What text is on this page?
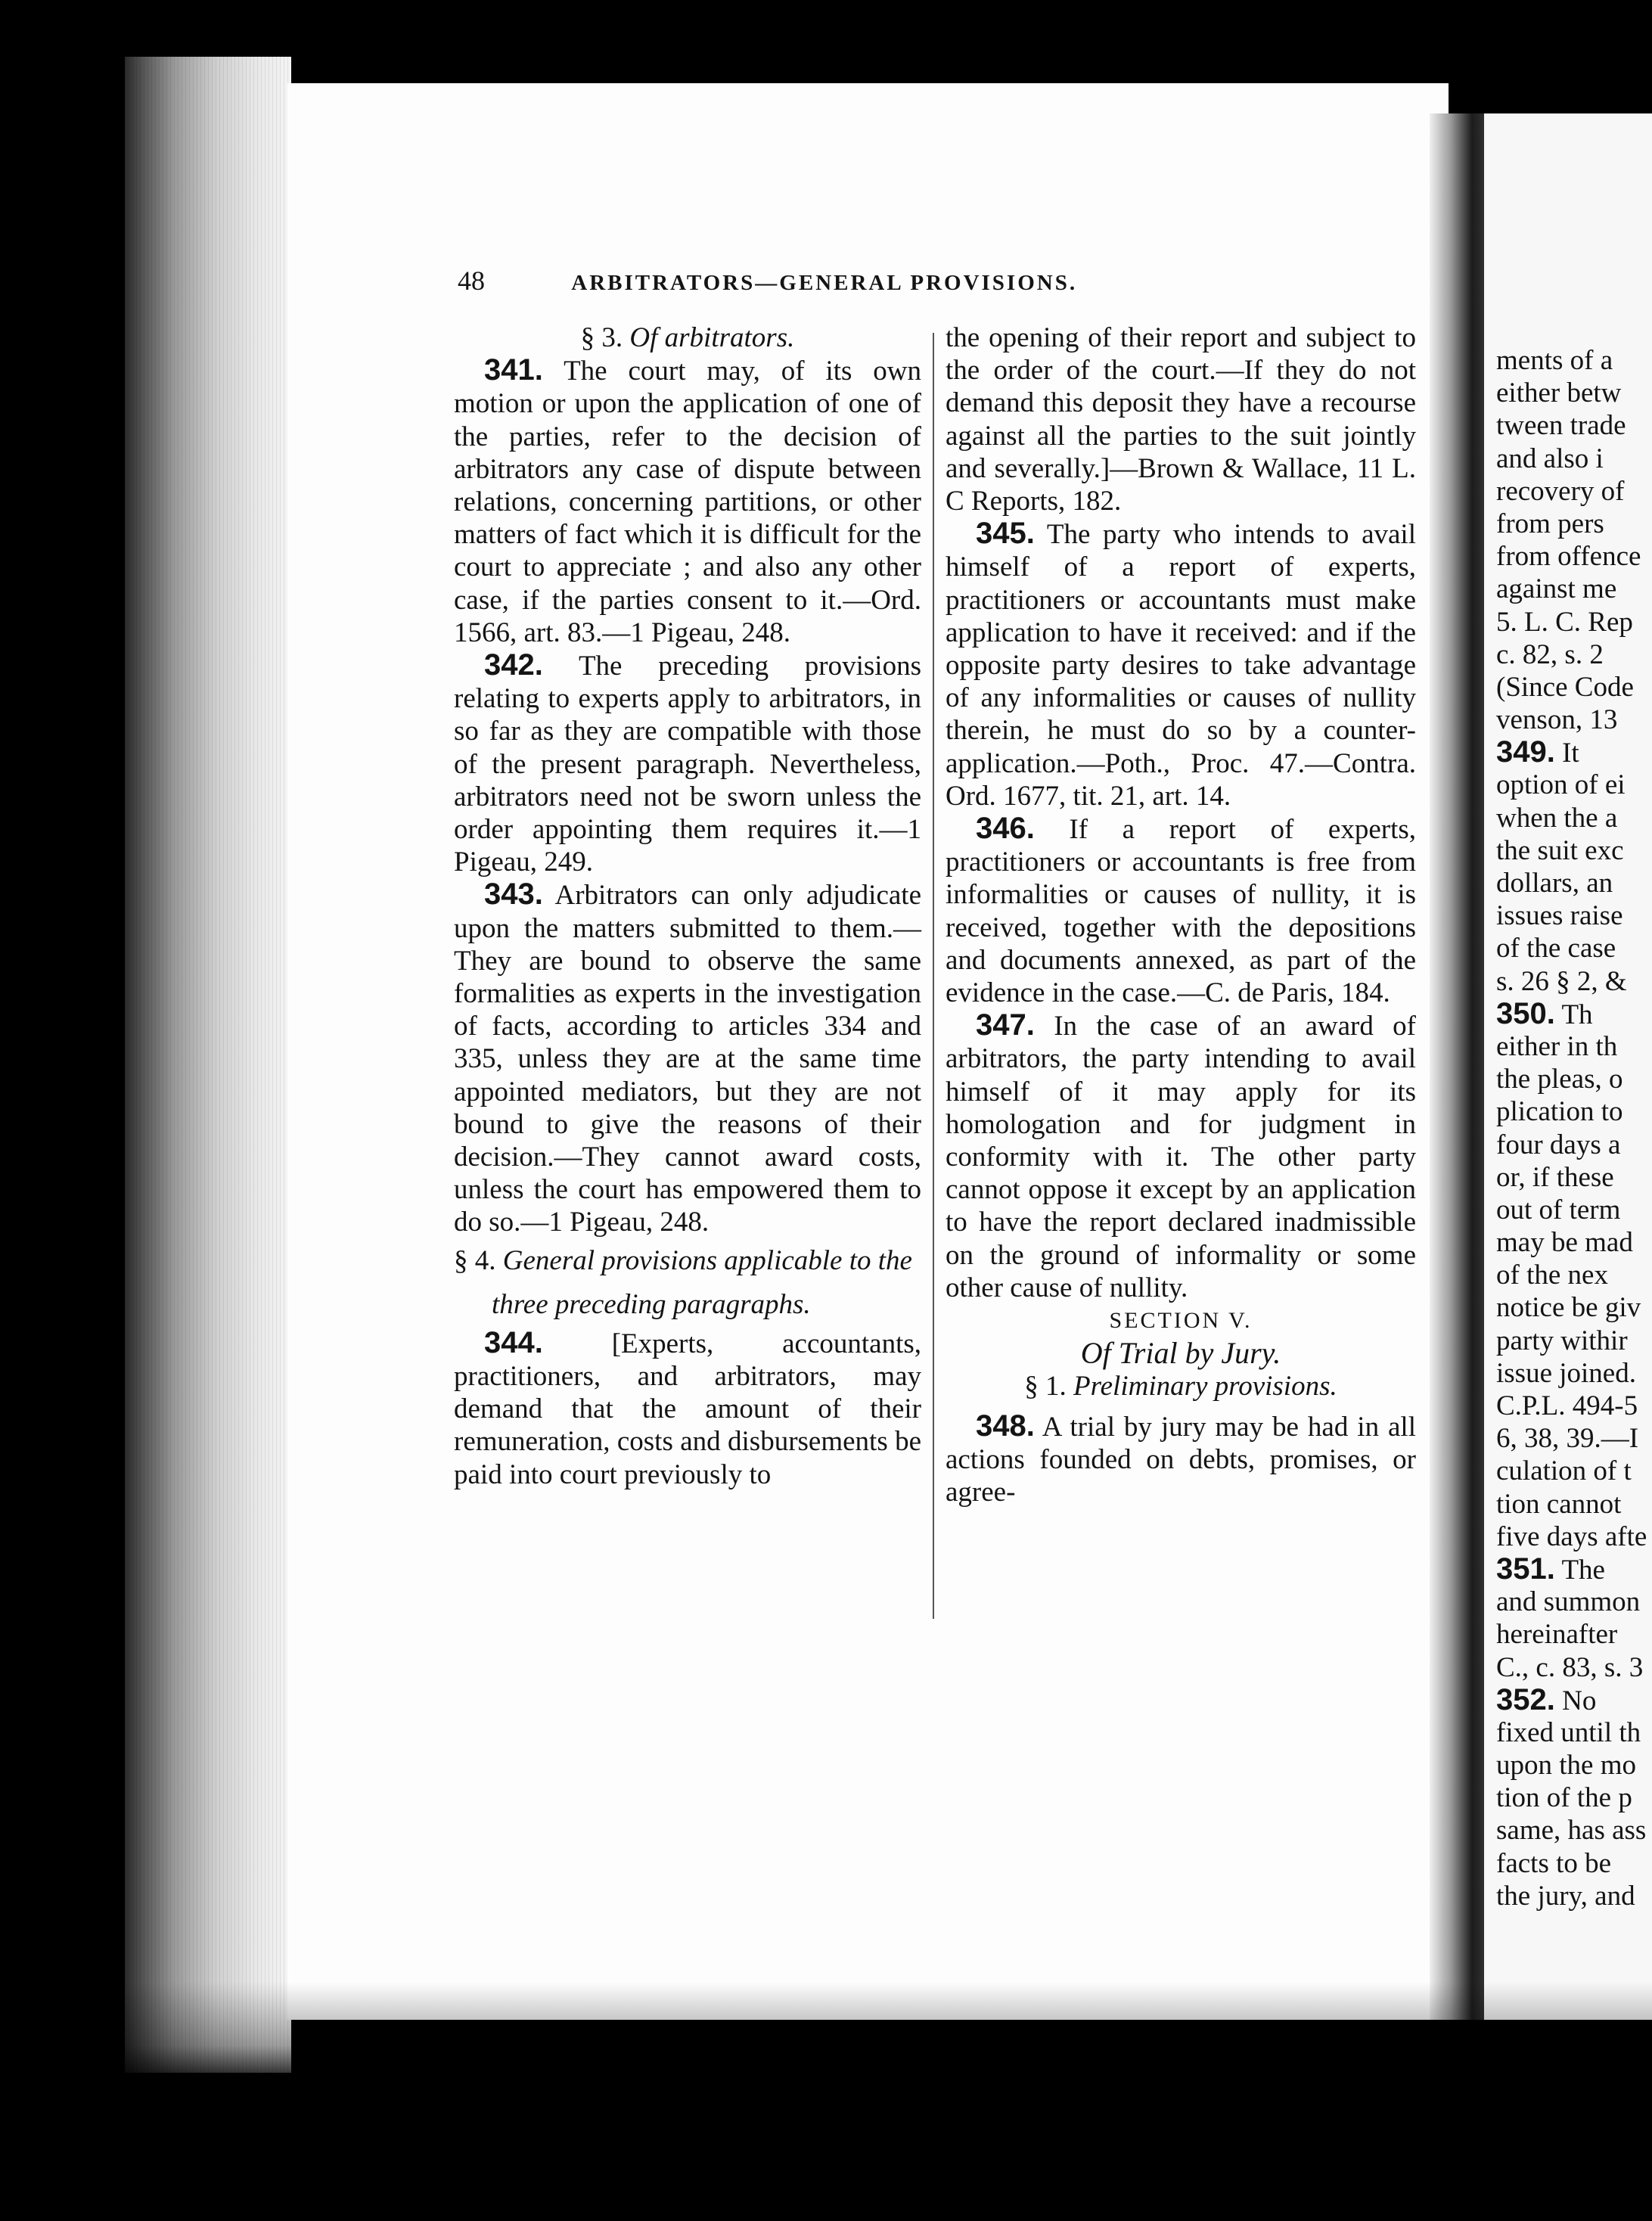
48	ARBITRATORS—GENERAL PROVISIONS.

§ 3. Of arbitrators.

341. The court may, of its own motion or upon the application of one of the parties, refer to the decision of arbitrators any case of dispute between relations, concerning partitions, or other matters of fact which it is difficult for the court to appreciate ; and also any other case, if the parties consent to it.—Ord. 1566, art. 83.—1 Pigeau, 248.

342. The preceding provisions relating to experts apply to arbitrators, in so far as they are compatible with those of the present paragraph. Nevertheless, arbitrators need not be sworn unless the order appointing them requires it.—1 Pigeau, 249.

343. Arbitrators can only adjudicate upon the matters submitted to them.—They are bound to observe the same formalities as experts in the investigation of facts, according to articles 334 and 335, unless they are at the same time appointed mediators, but they are not bound to give the reasons of their decision.—They cannot award costs, unless the court has empowered them to do so.—1 Pigeau, 248.

§ 4. General provisions applicable to the three preceding paragraphs.

344. [Experts, accountants, practitioners, and arbitrators, may demand that the amount of their remuneration, costs and disbursements be paid into court previously to

the opening of their report and subject to the order of the court.—If they do not demand this deposit they have a recourse against all the parties to the suit jointly and severally.]—Brown & Wallace, 11 L. C Reports, 182.

345. The party who intends to avail himself of a report of experts, practitioners or accountants must make application to have it received: and if the opposite party desires to take advantage of any informalities or causes of nullity therein, he must do so by a counter-application.—Poth., Proc. 47.—Contra. Ord. 1677, tit. 21, art. 14.

346. If a report of experts, practitioners or accountants is free from informalities or causes of nullity, it is received, together with the depositions and documents annexed, as part of the evidence in the case.—C. de Paris, 184.

347. In the case of an award of arbitrators, the party intending to avail himself of it may apply for its homologation and for judgment in conformity with it. The other party cannot oppose it except by an application to have the report declared inadmissible on the ground of informality or some other cause of nullity.

SECTION V.

Of Trial by Jury.

§ 1. Preliminary provisions.

348. A trial by jury may be had in all actions founded on debts, promises, or agree-

ments of a
either betw
tween trade
and also i
recovery of
from pers
from offence
against me
5. L. C. Rep
c. 82, s. 2
(Since Code
venson, 13
349. It
option of ei
when the a
the suit exc
dollars, an
issues raise
of the case
s. 26 § 2, &
350. Th
either in th
the pleas, o
plication to
four days a
or, if these
out of term
may be mad
of the nex
notice be giv
party withir
issue joined.
C.P.L. 494-5
6, 38, 39.—I
culation of t
tion cannot
five days afte
351. The
and summon
hereinafter
C., c. 83, s. 3
352. No
fixed until th
upon the mo
tion of the p
same, has ass
facts to be
the jury, and
